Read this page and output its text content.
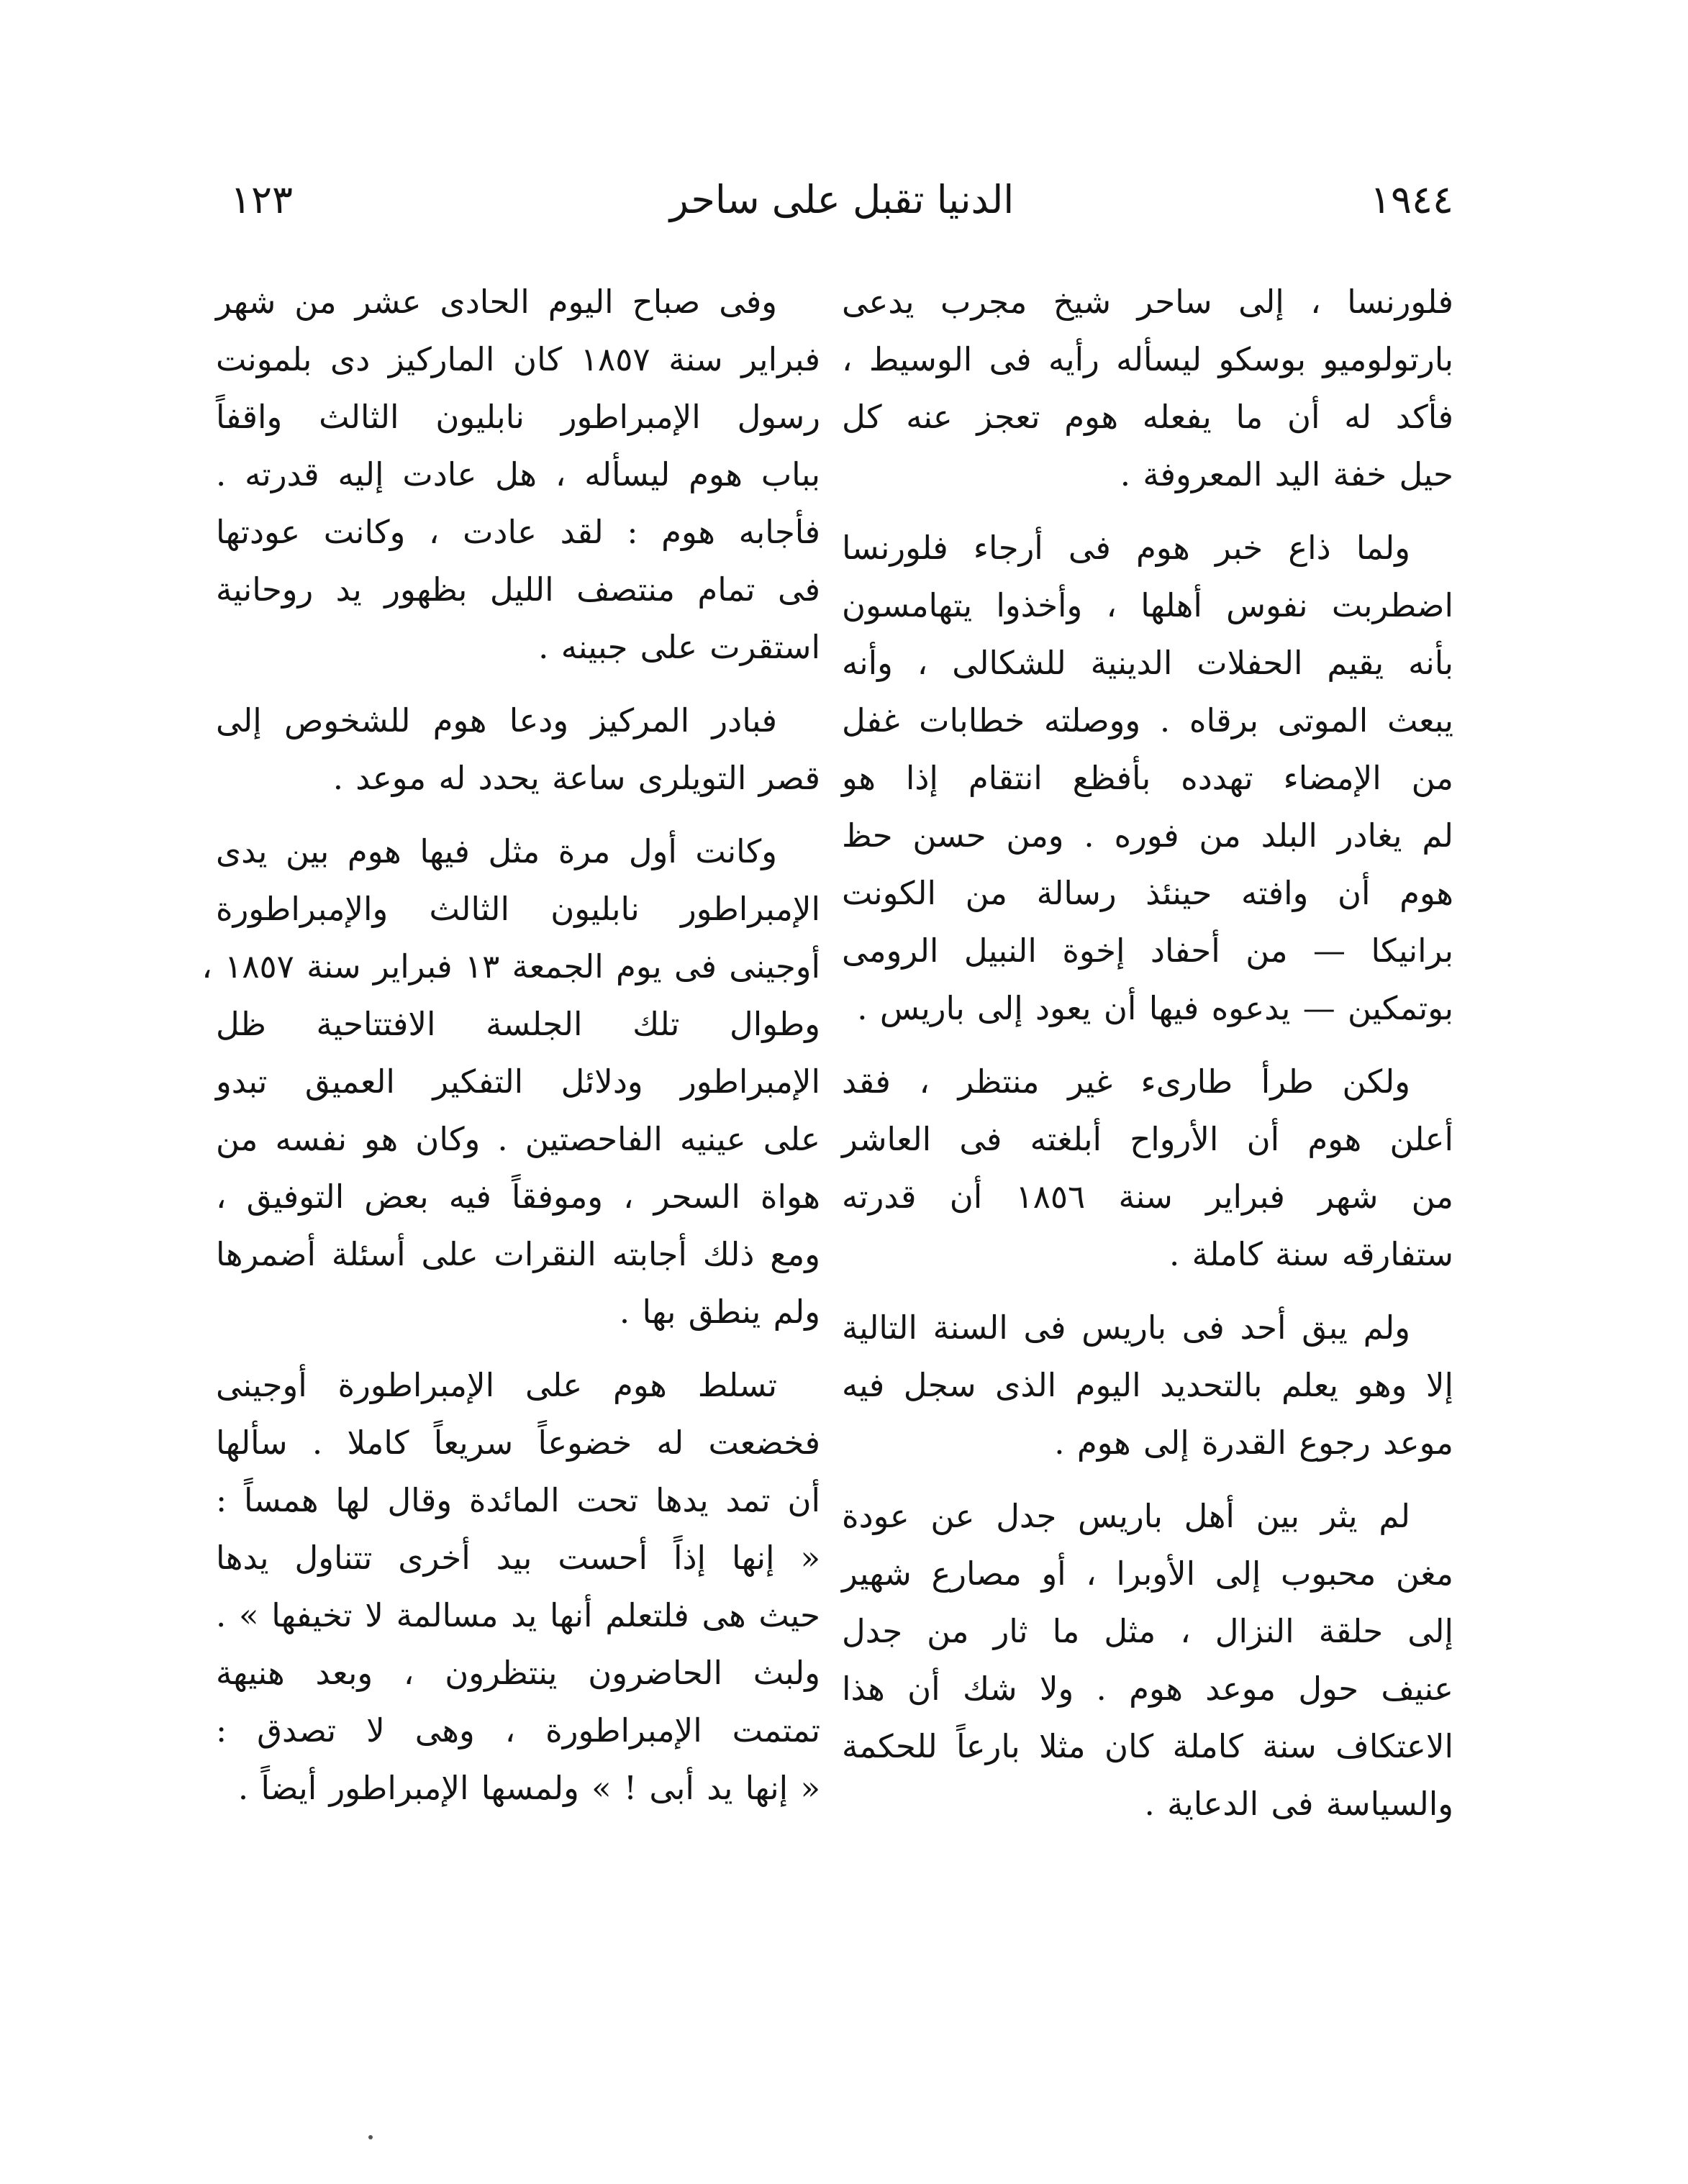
١٢٣	الدنيا تقبل على ساحر	١٩٤٤
فلورنسا ، إلى ساحر شيخ مجرب يدعى
بارتولوميو بوسكو ليسأله رأيه فى الوسيط ،
فأكد له أن ما يفعله هوم تعجز عنه كل
حيل خفة اليد المعروفة .
ولما ذاع خبر هوم فى أرجاء فلورنسا
اضطربت نفوس أهلها ، وأخذوا يتهامسون
بأنه يقيم الحفلات الدينية للشكالى ، وأنه
يبعث الموتى برقاه . ووصلته خطابات غفل
من الإمضاء تهدده بأفظع انتقام إذا هو
لم يغادر البلد من فوره . ومن حسن حظ
هوم أن وافته حينئذ رسالة من الكونت
برانيكا — من أحفاد إخوة النبيل الرومى
بوتمكين — يدعوه فيها أن يعود إلى باريس .
ولكن طرأ طارىء غير منتظر ، فقد
أعلن هوم أن الأرواح أبلغته فى العاشر
من شهر فبراير سنة ١٨٥٦ أن قدرته
ستفارقه سنة كاملة .
ولم يبق أحد فى باريس فى السنة التالية
إلا وهو يعلم بالتحديد اليوم الذى سجل فيه
موعد رجوع القدرة إلى هوم .
لم يثر بين أهل باريس جدل عن عودة
مغن محبوب إلى الأوبرا ، أو مصارع شهير
إلى حلقة النزال ، مثل ما ثار من جدل
عنيف حول موعد هوم . ولا شك أن هذا
الاعتكاف سنة كاملة كان مثلا بارعاً للحكمة
والسياسة فى الدعاية .
وفى صباح اليوم الحادى عشر من شهر
فبراير سنة ١٨٥٧ كان الماركيز دى بلمونت
رسول الإمبراطور نابليون الثالث واقفاً
بباب هوم ليسأله ، هل عادت إليه قدرته .
فأجابه هوم : لقد عادت ، وكانت عودتها
فى تمام منتصف الليل بظهور يد روحانية
استقرت على جبينه .
فبادر المركيز ودعا هوم للشخوص إلى
قصر التويلرى ساعة يحدد له موعد .
وكانت أول مرة مثل فيها هوم بين يدى
الإمبراطور نابليون الثالث والإمبراطورة
أوجينى فى يوم الجمعة ١٣ فبراير سنة ١٨٥٧ ،
وطوال تلك الجلسة الافتتاحية ظل
الإمبراطور ودلائل التفكير العميق تبدو
على عينيه الفاحصتين . وكان هو نفسه من
هواة السحر ، وموفقاً فيه بعض التوفيق ،
ومع ذلك أجابته النقرات على أسئلة أضمرها
ولم ينطق بها .
تسلط هوم على الإمبراطورة أوجينى
فخضعت له خضوعاً سريعاً كاملا . سألها
أن تمد يدها تحت المائدة وقال لها همساً :
« إنها إذاً أحست بيد أخرى تتناول يدها
حيث هى فلتعلم أنها يد مسالمة لا تخيفها » .
ولبث الحاضرون ينتظرون ، وبعد هنيهة
تمتمت الإمبراطورة ، وهى لا تصدق :
« إنها يد أبى ! » ولمسها الإمبراطور أيضاً .
